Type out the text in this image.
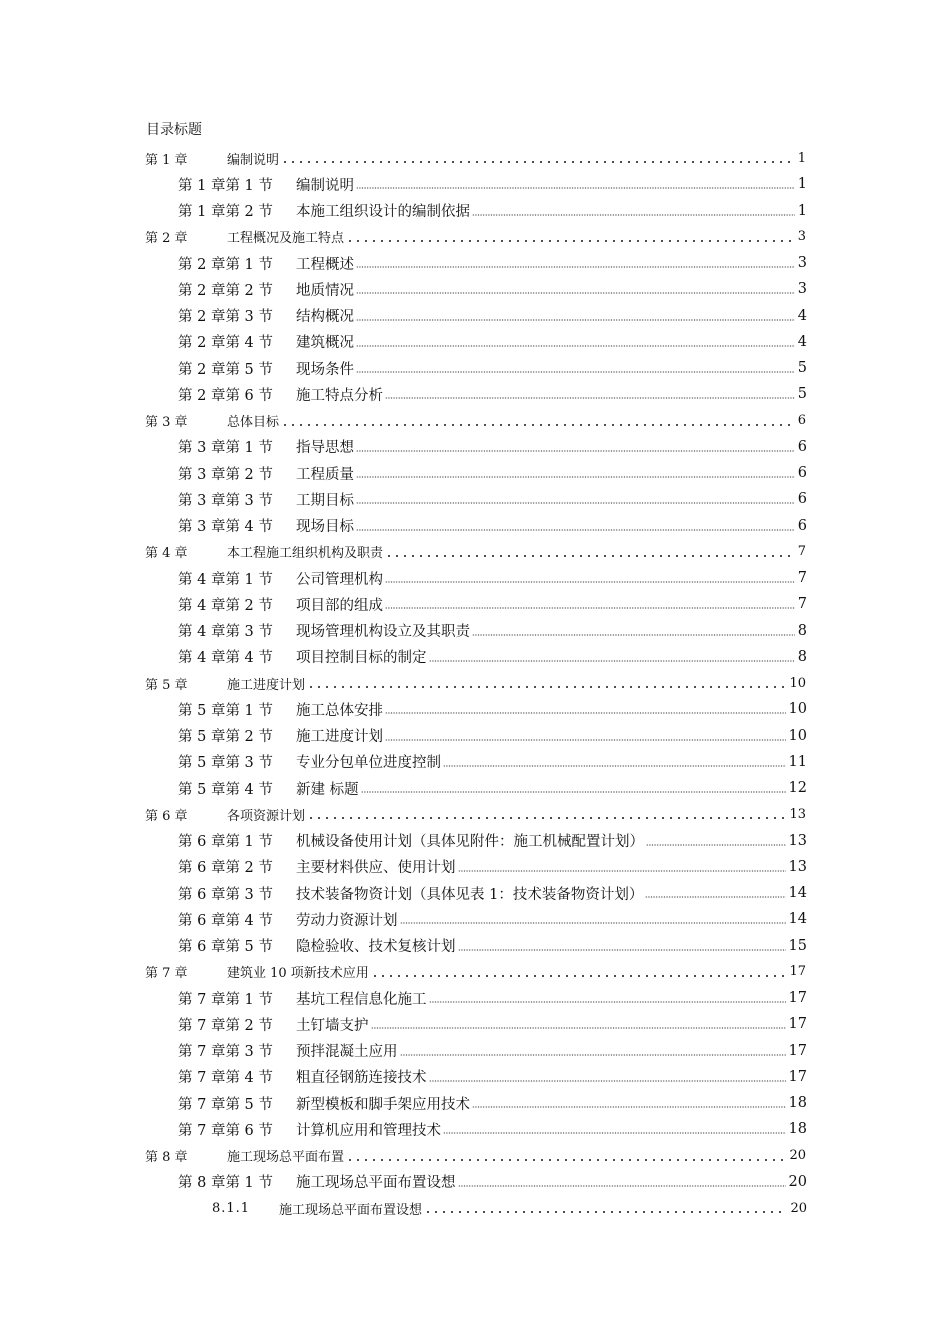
目录标题
第 1 章	编制说明	1
第 1 章第 1 节	编制说明	1
第 1 章第 2 节	本施工组织设计的编制依据	1
第 2 章	工程概况及施工特点	3
第 2 章第 1 节	工程概述	3
第 2 章第 2 节	地质情况	3
第 2 章第 3 节	结构概况	4
第 2 章第 4 节	建筑概况	4
第 2 章第 5 节	现场条件	5
第 2 章第 6 节	施工特点分析	5
第 3 章	总体目标	6
第 3 章第 1 节	指导思想	6
第 3 章第 2 节	工程质量	6
第 3 章第 3 节	工期目标	6
第 3 章第 4 节	现场目标	6
第 4 章	本工程施工组织机构及职责	7
第 4 章第 1 节	公司管理机构	7
第 4 章第 2 节	项目部的组成	7
第 4 章第 3 节	现场管理机构设立及其职责	8
第 4 章第 4 节	项目控制目标的制定	8
第 5 章	施工进度计划	10
第 5 章第 1 节	施工总体安排	10
第 5 章第 2 节	施工进度计划	10
第 5 章第 3 节	专业分包单位进度控制	11
第 5 章第 4 节	新建 标题	12
第 6 章	各项资源计划	13
第 6 章第 1 节	机械设备使用计划（具体见附件：施工机械配置计划）	13
第 6 章第 2 节	主要材料供应、使用计划	13
第 6 章第 3 节	技术装备物资计划（具体见表 1：技术装备物资计划）	14
第 6 章第 4 节	劳动力资源计划	14
第 6 章第 5 节	隐检验收、技术复核计划	15
第 7 章	建筑业 10 项新技术应用	17
第 7 章第 1 节	基坑工程信息化施工	17
第 7 章第 2 节	土钉墙支护	17
第 7 章第 3 节	预拌混凝土应用	17
第 7 章第 4 节	粗直径钢筋连接技术	17
第 7 章第 5 节	新型模板和脚手架应用技术	18
第 7 章第 6 节	计算机应用和管理技术	18
第 8 章	施工现场总平面布置	20
第 8 章第 1 节	施工现场总平面布置设想	20
8.1.1	施工现场总平面布置设想	20
